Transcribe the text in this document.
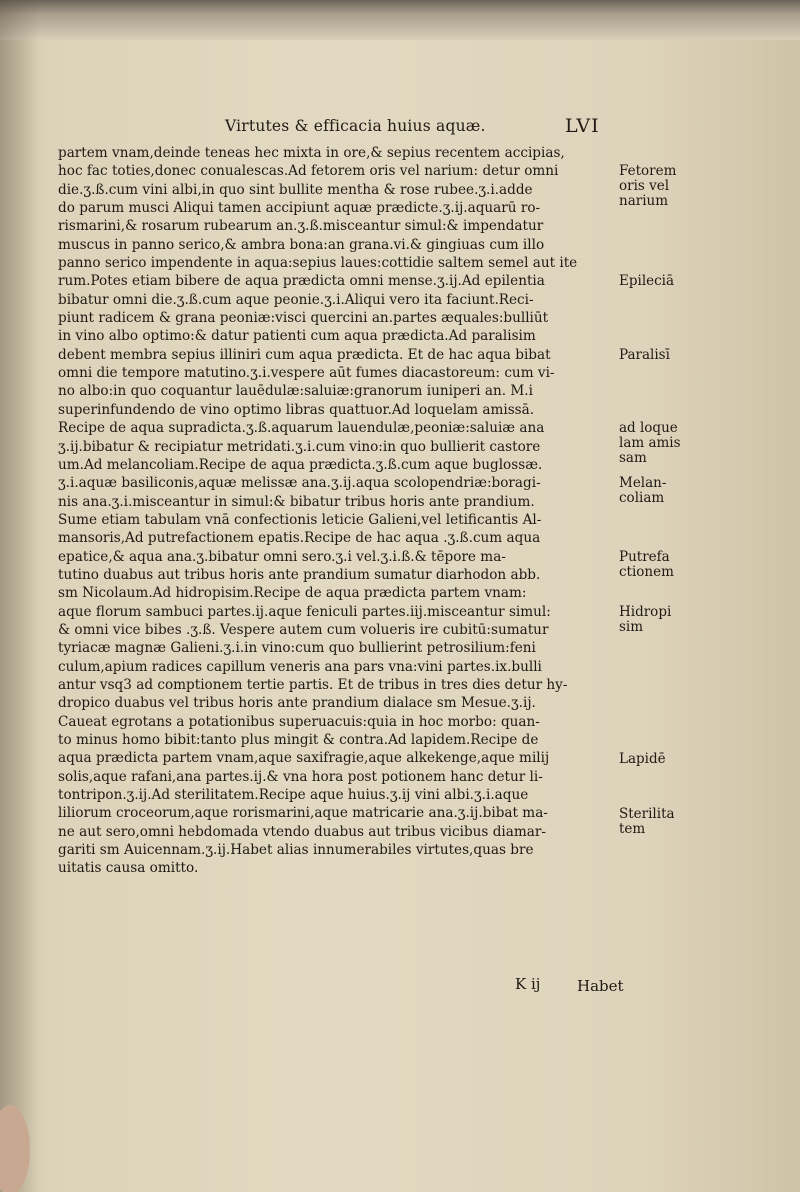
Virtutes & efficacia huius aquæ.	LVI
partem vnam,deinde teneas hec mixta in ore,& sepius recentem accipias,
hoc fac toties,donec conualescas.Ad fetorem oris vel narium: detur omni
die.ʒ.ß.cum vini albi,in quo sint bullite mentha & rose rubee.ʒ.i.adde
do parum musci Aliqui tamen accipiunt aquæ prædicte.ʒ.ij.aquarū ro-
rismarini,& rosarum rubearum an.ʒ.ß.misceantur simul:& impendatur
muscus in panno serico,& ambra bona:an grana.vi.& gingiuas cum illo
panno serico impendente in aqua:sepius laues:cottidie saltem semel aut ite
rum.Potes etiam bibere de aqua prædicta omni mense.ʒ.ij.Ad epilentia
bibatur omni die.ʒ.ß.cum aque peonie.ʒ.i.Aliqui vero ita faciunt.Reci-
piunt radicem & grana peoniæ:visci quercini an.partes æquales:bulliūt
in vino albo optimo:& datur patienti cum aqua prædicta.Ad paralisim
debent membra sepius illiniri cum aqua prædicta. Et de hac aqua bibat
omni die tempore matutino.ʒ.i.vespere aūt fumes diacastoreum: cum vi-
no albo:in quo coquantur lauēdulæ:saluiæ:granorum iuniperi an. M.i
superinfundendo de vino optimo libras quattuor.Ad loquelam amissā.
Recipe de aqua supradicta.ʒ.ß.aquarum lauendulæ,peoniæ:saluiæ ana
ʒ.ij.bibatur & recipiatur metridati.ʒ.i.cum vino:in quo bullierit castore
um.Ad melancoliam.Recipe de aqua prædicta.ʒ.ß.cum aque buglossæ.
ʒ.i.aquæ basiliconis,aquæ melissæ ana.ʒ.ij.aqua scolopendriæ:boragi-
nis ana.ʒ.i.misceantur in simul:& bibatur tribus horis ante prandium.
Sume etiam tabulam vnā confectionis leticie Galieni,vel letificantis Al-
mansoris,Ad putrefactionem epatis.Recipe de hac aqua .ʒ.ß.cum aqua
epatice,& aqua ana.ʒ.bibatur omni sero.ʒ.i vel.ʒ.i.ß.& tēpore ma-
tutino duabus aut tribus horis ante prandium sumatur diarhodon abb.
sm Nicolaum.Ad hidropisim.Recipe de aqua prædicta partem vnam:
aque florum sambuci partes.ij.aque feniculi partes.iij.misceantur simul:
& omni vice bibes .ʒ.ß. Vespere autem cum volueris ire cubitū:sumatur
tyriacæ magnæ Galieni.ʒ.i.in vino:cum quo bullierint petrosilium:feni
culum,apium radices capillum veneris ana pars vna:vini partes.ix.bulli
antur vsq3 ad comptionem tertie partis. Et de tribus in tres dies detur hy-
dropico duabus vel tribus horis ante prandium dialace sm Mesue.ʒ.ij.
Caueat egrotans a potationibus superuacuis:quia in hoc morbo: quan-
to minus homo bibit:tanto plus mingit & contra.Ad lapidem.Recipe de
aqua prædicta partem vnam,aque saxifragie,aque alkekenge,aque milij
solis,aque rafani,ana partes.ij.& vna hora post potionem hanc detur li-
tontripon.ʒ.ij.Ad sterilitatem.Recipe aque huius.ʒ.ij vini albi.ʒ.i.aque
liliorum croceorum,aque rorismarini,aque matricarie ana.ʒ.ij.bibat ma-
ne aut sero,omni hebdomada vtendo duabus aut tribus vicibus diamar-
gariti sm Auicennam.ʒ.ij.Habet alias innumerabiles virtutes,quas bre
uitatis causa omitto.
Fetorem
oris vel
narium
Epileciā
Paralisī
ad loque
lam amis
sam
Melan-
coliam
Putrefa
ctionem
Hidropi
sim
Lapidē
Sterilita
tem
K ij Habet
